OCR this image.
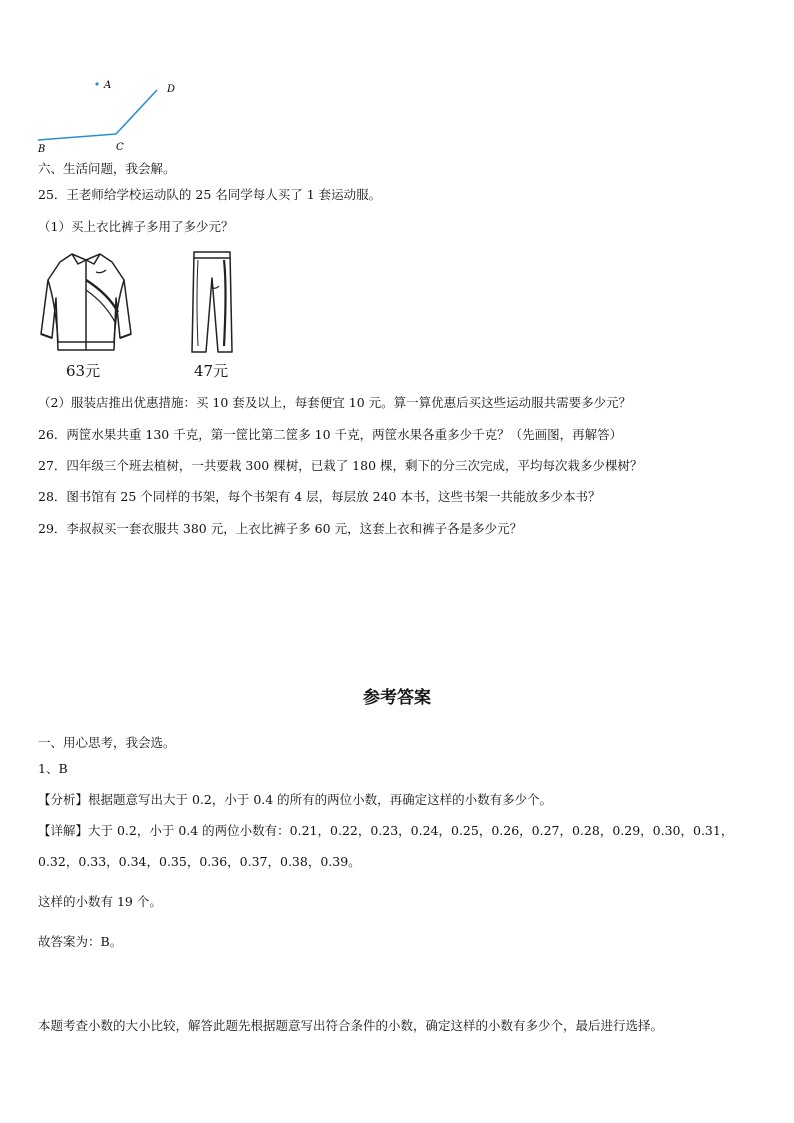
A
B	C
D
六、生活问题，我会解。
25．王老师给学校运动队的 25 名同学每人买了 1 套运动服。
（1）买上衣比裤子多用了多少元？
63元	47元
（2）服装店推出优惠措施：买 10 套及以上，每套便宜 10 元。算一算优惠后买这些运动服共需要多少元？
26．两筐水果共重 130 千克，第一筐比第二筐多 10 千克，两筐水果各重多少千克？（先画图，再解答）
27．四年级三个班去植树，一共要栽 300 棵树，已栽了 180 棵，剩下的分三次完成，平均每次栽多少棵树？
28．图书馆有 25 个同样的书架，每个书架有 4 层，每层放 240 本书，这些书架一共能放多少本书？
29．李叔叔买一套衣服共 380 元，上衣比裤子多 60 元，这套上衣和裤子各是多少元？
参考答案
一、用心思考，我会选。
1、B
【分析】根据题意写出大于 0.2，小于 0.4 的所有的两位小数，再确定这样的小数有多少个。
【详解】大于 0.2，小于 0.4 的两位小数有：0.21，0.22，0.23，0.24，0.25，0.26，0.27，0.28，0.29，0.30，0.31，
0.32，0.33，0.34，0.35，0.36，0.37，0.38，0.39。
这样的小数有 19 个。
故答案为：B。
本题考查小数的大小比较，解答此题先根据题意写出符合条件的小数，确定这样的小数有多少个，最后进行选择。
